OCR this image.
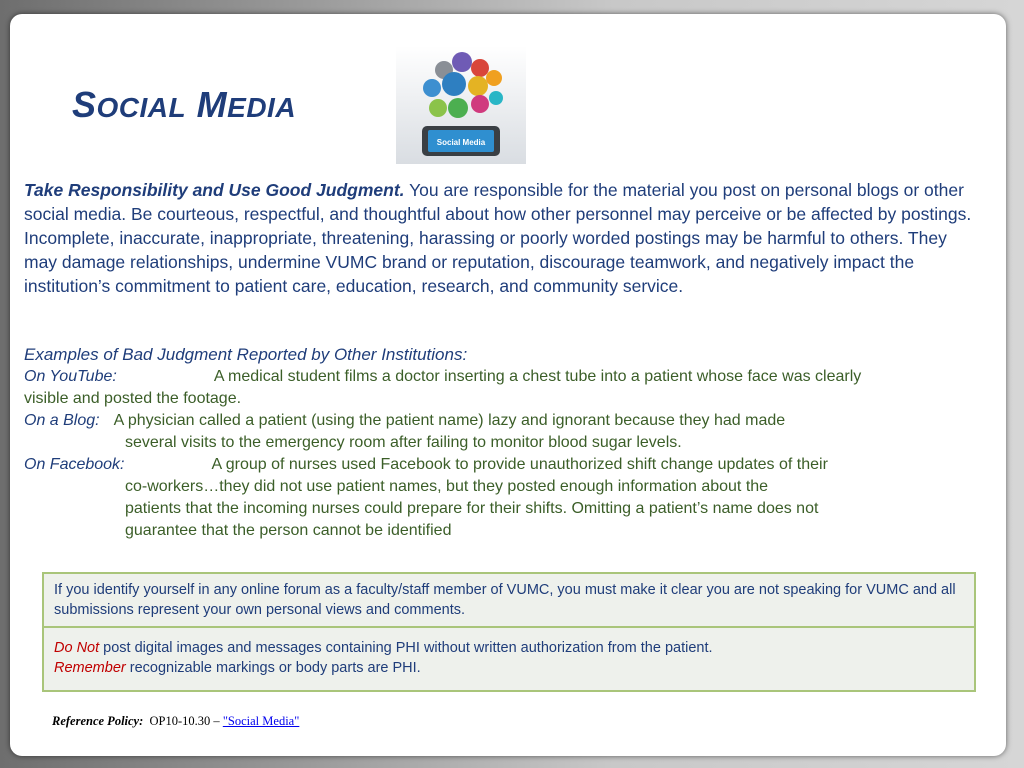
SOCIAL MEDIA
Social Media
Take Responsibility and Use Good Judgment. You are responsible for the material you post on personal blogs or other social media. Be courteous, respectful, and thoughtful about how other personnel may perceive or be affected by postings. Incomplete, inaccurate, inappropriate, threatening, harassing or poorly worded postings may be harmful to others. They may damage relationships, undermine VUMC brand or reputation, discourage teamwork, and negatively impact the institution’s commitment to patient care, education, research, and community service.
Examples of Bad Judgment Reported by Other Institutions:
On YouTube:	A medical student films a doctor inserting a chest tube into a patient whose face was clearly
visible and posted the footage.
On a Blog: A physician called a patient (using the patient name) lazy and ignorant because they had made
several visits to the emergency room after failing to monitor blood sugar levels.
On Facebook:	A group of nurses used Facebook to provide unauthorized shift change updates of their
co-workers…they did not use patient names, but they posted enough information about the
patients that the incoming nurses could prepare for their shifts. Omitting a patient’s name does not
guarantee that the person cannot be identified
If you identify yourself in any online forum as a faculty/staff member of VUMC, you must make it clear you are not speaking for VUMC and all submissions represent your own personal views and comments.
Do Not post digital images and messages containing PHI without written authorization from the patient.
Remember recognizable markings or body parts are PHI.
Reference Policy: OP10-10.30 – "Social Media"
